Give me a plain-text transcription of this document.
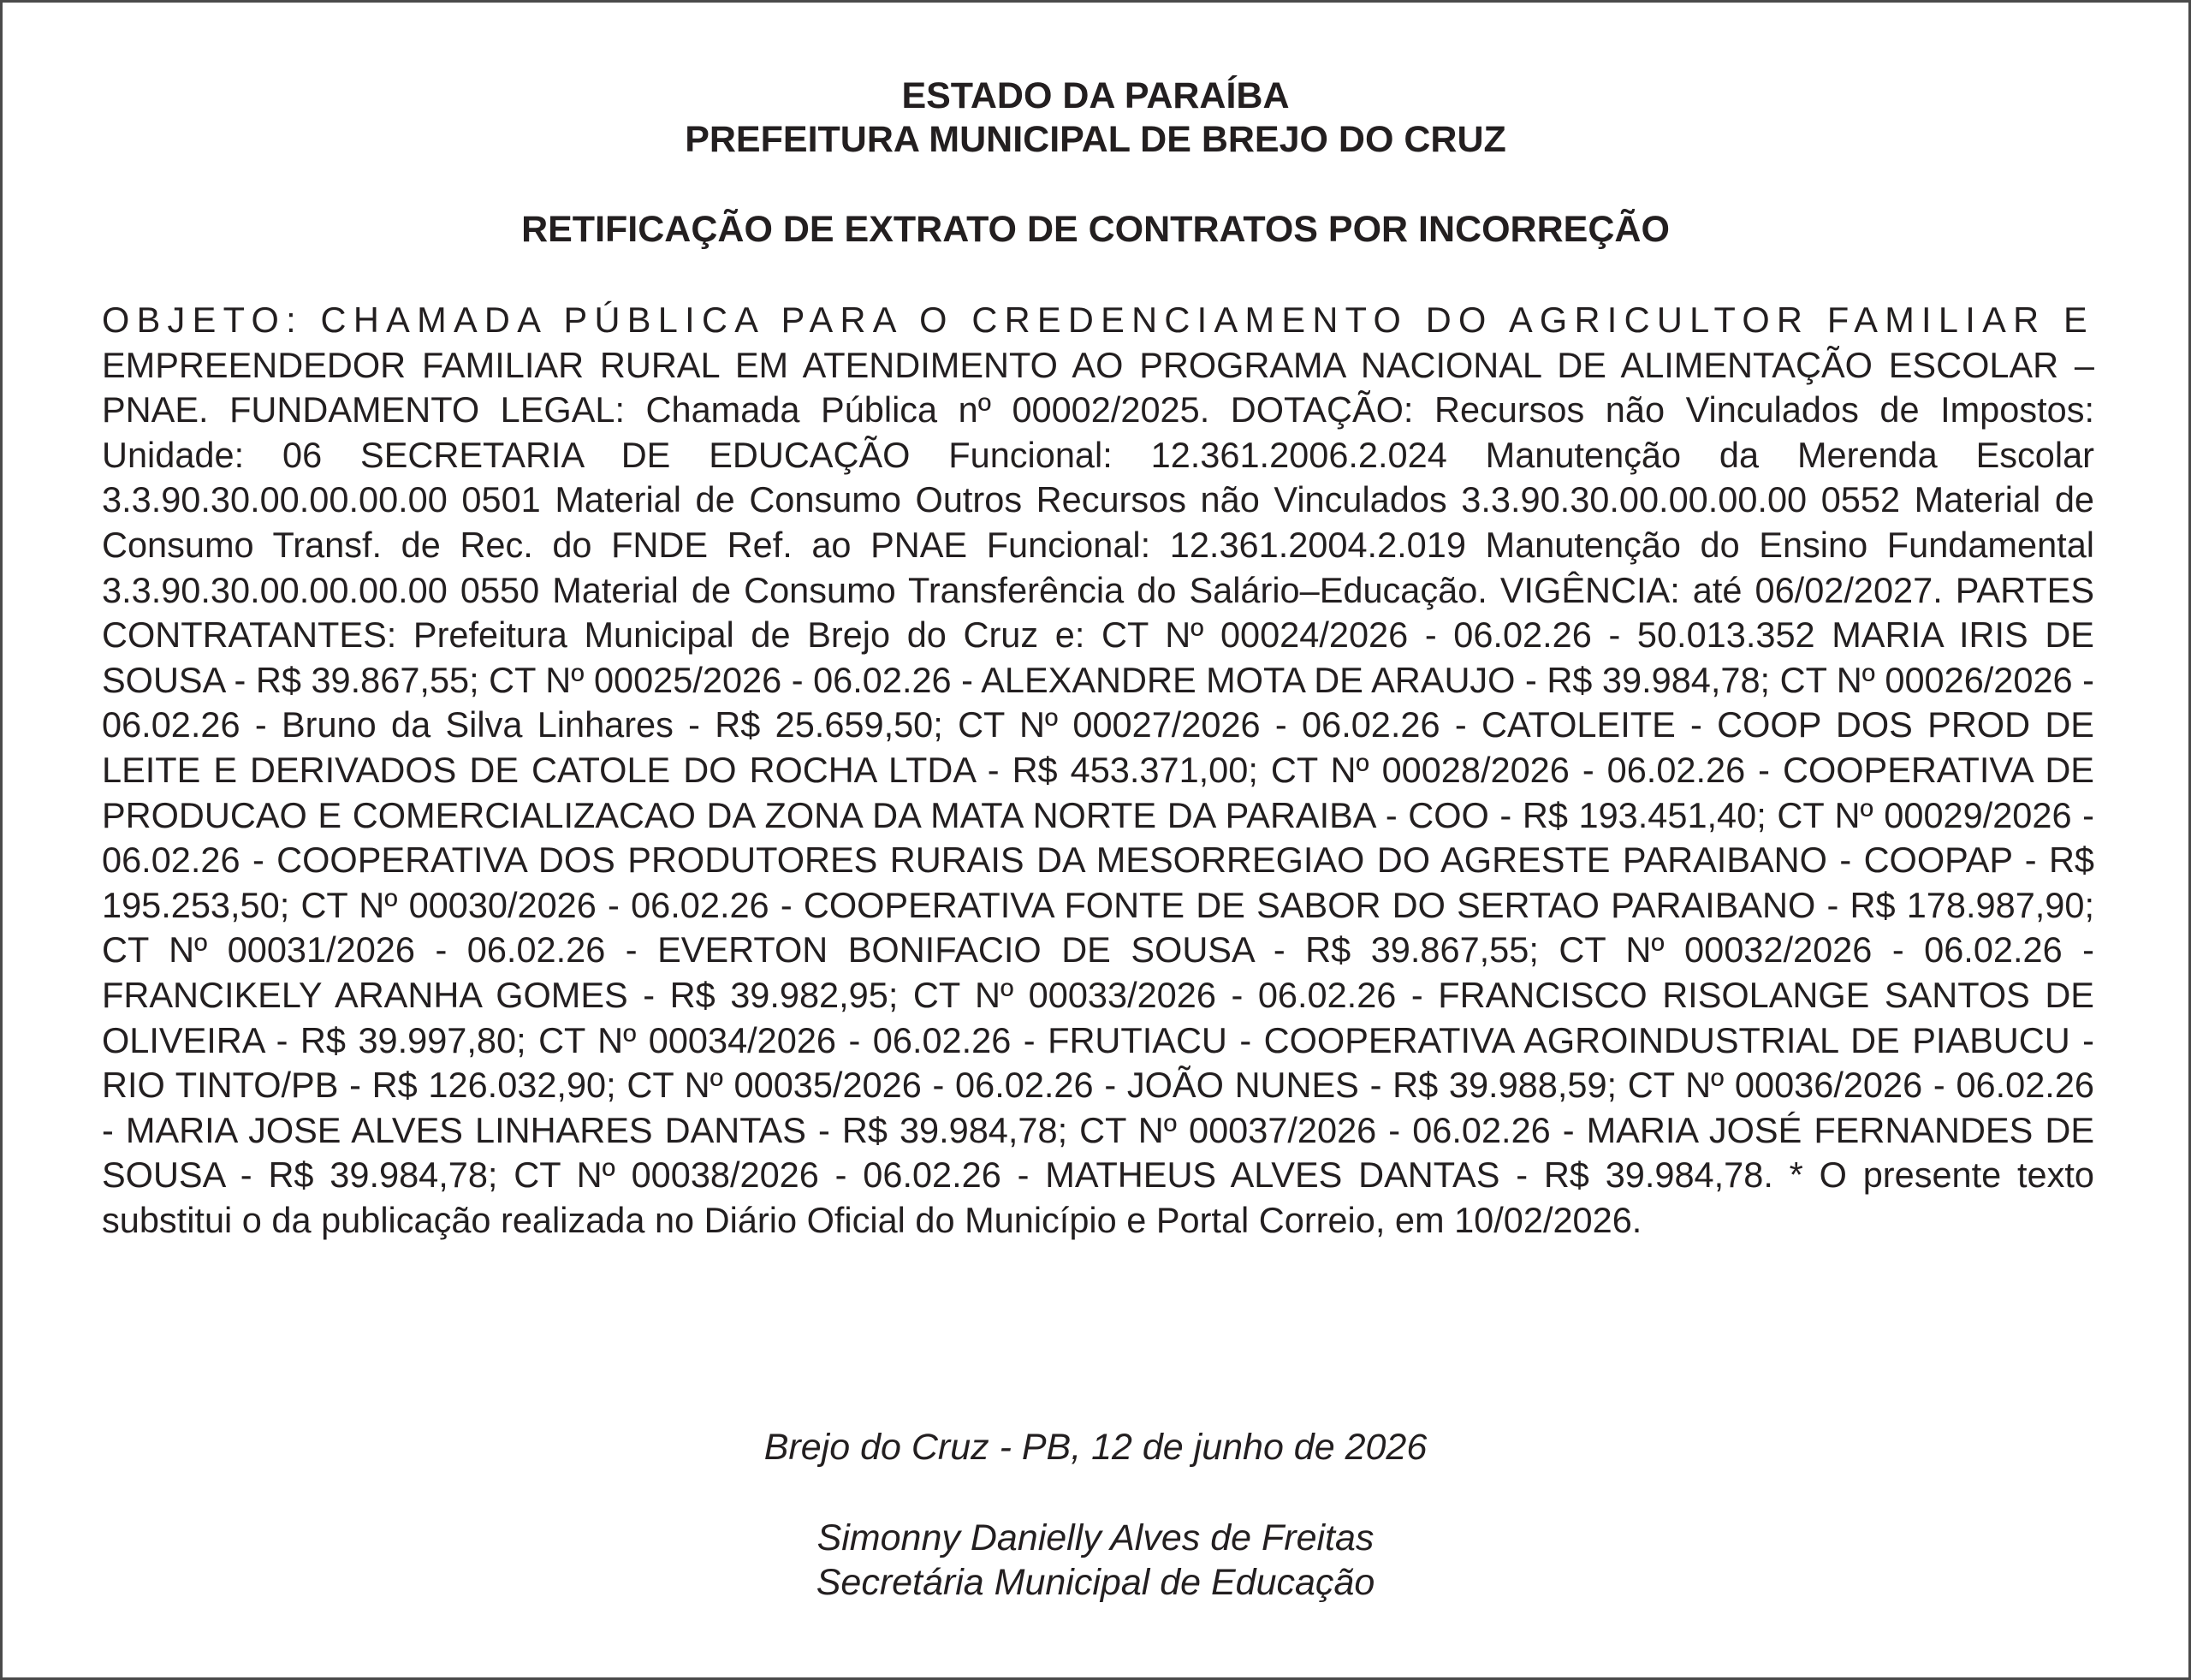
ESTADO DA PARAÍBA
PREFEITURA MUNICIPAL DE BREJO DO CRUZ
RETIFICAÇÃO DE EXTRATO DE CONTRATOS POR INCORREÇÃO

OBJETO: CHAMADA PÚBLICA PARA O CREDENCIAMENTO DO AGRICULTOR FAMILIAR E EMPREENDEDOR FAMILIAR RURAL EM ATENDIMENTO AO PROGRAMA NACIONAL DE ALIMENTAÇÃO ESCOLAR – PNAE. FUNDAMENTO LEGAL: Chamada Pública nº 00002/2025. DOTAÇÃO: Recursos não Vinculados de Impostos: Unidade: 06 SECRETARIA DE EDUCAÇÃO Funcional: 12.361.2006.2.024 Manutenção da Merenda Escolar 3.3.90.30.00.00.00.00 0501 Material de Consumo Outros Recursos não Vinculados 3.3.90.30.00.00.00.00 0552 Material de Consumo Transf. de Rec. do FNDE Ref. ao PNAE Funcional: 12.361.2004.2.019 Manutenção do Ensino Fundamental 3.3.90.30.00.00.00.00 0550 Material de Consumo Transferência do Salário–Educação. VIGÊNCIA: até 06/02/2027. PARTES CONTRATANTES: Prefeitura Municipal de Brejo do Cruz e: CT Nº 00024/2026 - 06.02.26 - 50.013.352 MARIA IRIS DE SOUSA - R$ 39.867,55; CT Nº 00025/2026 - 06.02.26 - ALEXANDRE MOTA DE ARAUJO - R$ 39.984,78; CT Nº 00026/2026 - 06.02.26 - Bruno da Silva Linhares - R$ 25.659,50; CT Nº 00027/2026 - 06.02.26 - CATOLEITE - COOP DOS PROD DE LEITE E DERIVADOS DE CATOLE DO ROCHA LTDA - R$ 453.371,00; CT Nº 00028/2026 - 06.02.26 - COOPERATIVA DE PRODUCAO E COMERCIALIZACAO DA ZONA DA MATA NORTE DA PARAIBA - COO - R$ 193.451,40; CT Nº 00029/2026 - 06.02.26 - COOPERATIVA DOS PRODUTORES RURAIS DA MESORREGIAO DO AGRESTE PARAIBANO - COOPAP - R$ 195.253,50; CT Nº 00030/2026 - 06.02.26 - COOPERATIVA FONTE DE SABOR DO SERTAO PARAIBANO - R$ 178.987,90; CT Nº 00031/2026 - 06.02.26 - EVERTON BONIFACIO DE SOUSA - R$ 39.867,55; CT Nº 00032/2026 - 06.02.26 - FRANCIKELY ARANHA GOMES - R$ 39.982,95; CT Nº 00033/2026 - 06.02.26 - FRANCISCO RISOLANGE SANTOS DE OLIVEIRA - R$ 39.997,80; CT Nº 00034/2026 - 06.02.26 - FRUTIACU - COOPERATIVA AGROINDUSTRIAL DE PIABUCU - RIO TINTO/PB - R$ 126.032,90; CT Nº 00035/2026 - 06.02.26 - JOÃO NUNES - R$ 39.988,59; CT Nº 00036/2026 - 06.02.26 - MARIA JOSE ALVES LINHARES DANTAS - R$ 39.984,78; CT Nº 00037/2026 - 06.02.26 - MARIA JOSÉ FERNANDES DE SOUSA - R$ 39.984,78; CT Nº 00038/2026 - 06.02.26 - MATHEUS ALVES DANTAS - R$ 39.984,78. * O presente texto substitui o da publicação realizada no Diário Oficial do Município e Portal Correio, em 10/02/2026.

Brejo do Cruz - PB, 12 de junho de 2026
Simonny Danielly Alves de Freitas
Secretária Municipal de Educação
